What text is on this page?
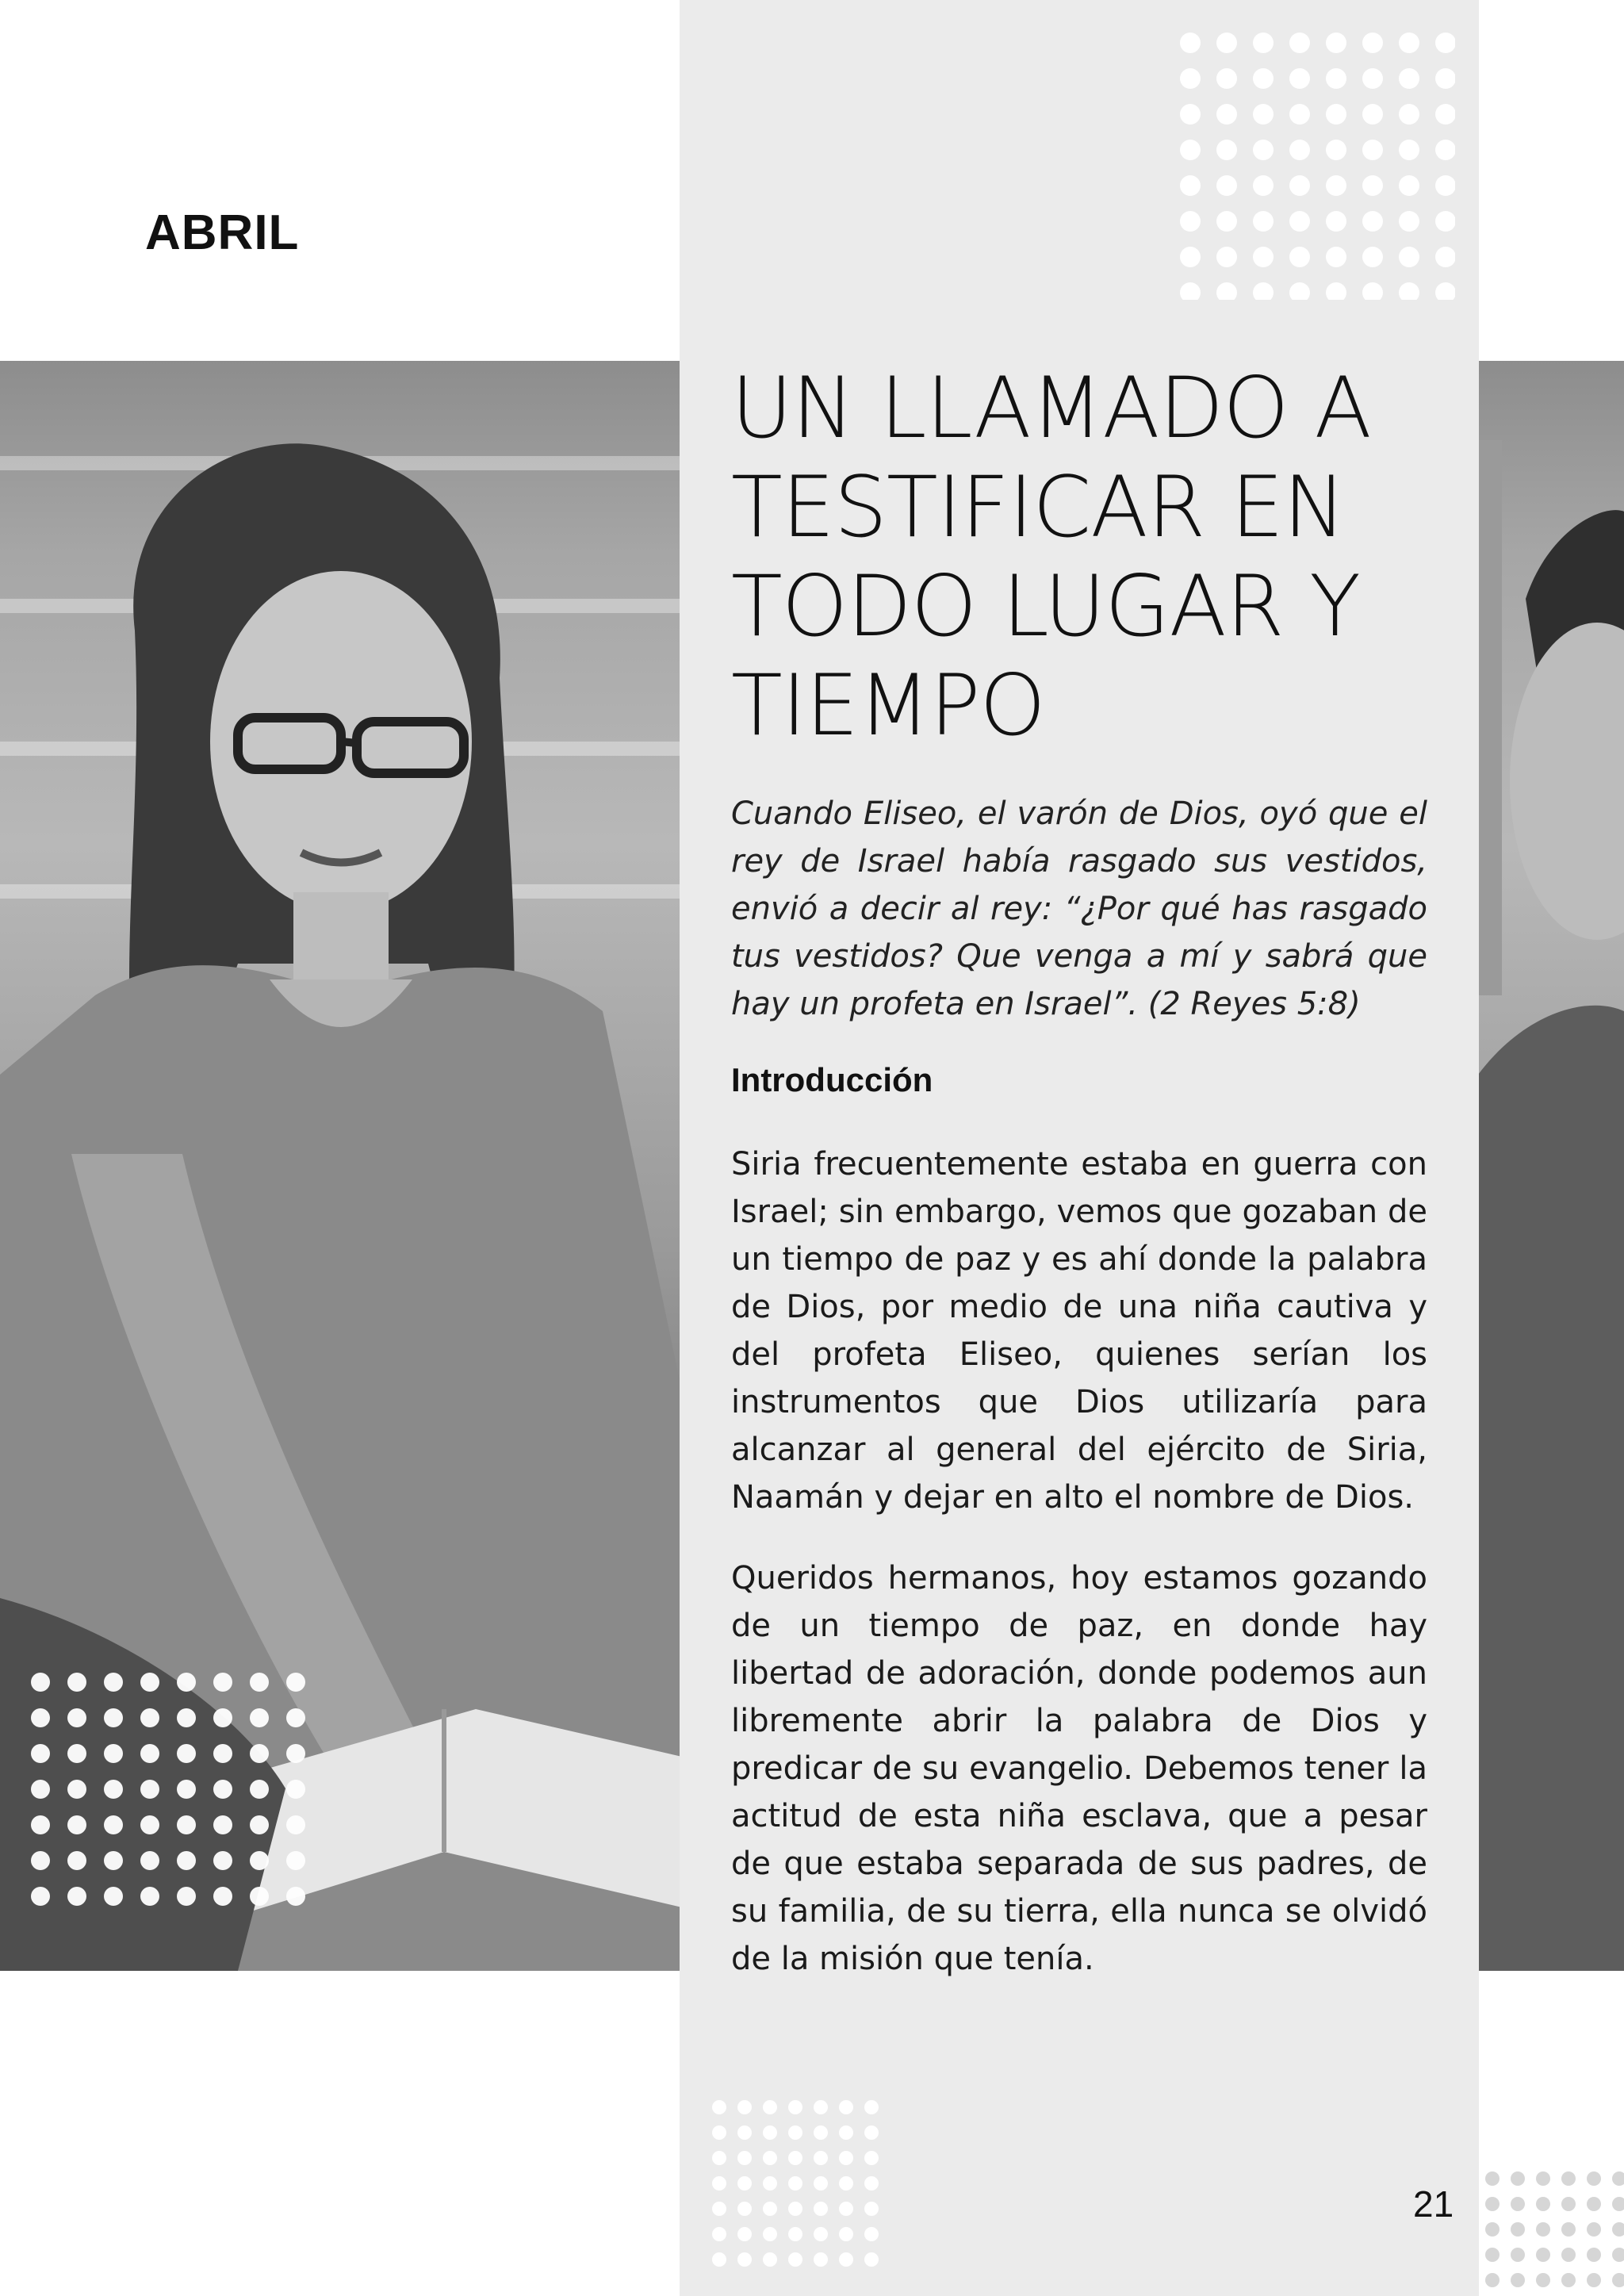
ABRIL
UN LLAMADO A
TESTIFICAR EN
TODO LUGAR Y
TIEMPO

Cuando Eliseo, el varón de Dios, oyó que el rey de Israel había rasgado sus vestidos, envió a decir al rey: “¿Por qué has rasgado tus vestidos? Que venga a mí y sabrá que hay un profeta en Israel”. (2 Reyes 5:8)

Introducción

Siria frecuentemente estaba en guerra con Israel; sin embargo, vemos que gozaban de un tiempo de paz y es ahí donde la palabra de Dios, por medio de una niña cautiva y del profeta Eliseo, quienes serían los instrumentos que Dios utilizaría para alcanzar al general del ejército de Siria, Naamán y dejar en alto el nombre de Dios.

Queridos hermanos, hoy estamos gozando de un tiempo de paz, en donde hay libertad de adoración, donde podemos aun libremente abrir la palabra de Dios y predicar de su evangelio. Debemos tener la actitud de esta niña esclava, que a pesar de que estaba separada de sus padres, de su familia, de su tierra, ella nunca se olvidó de la misión que tenía.

21
